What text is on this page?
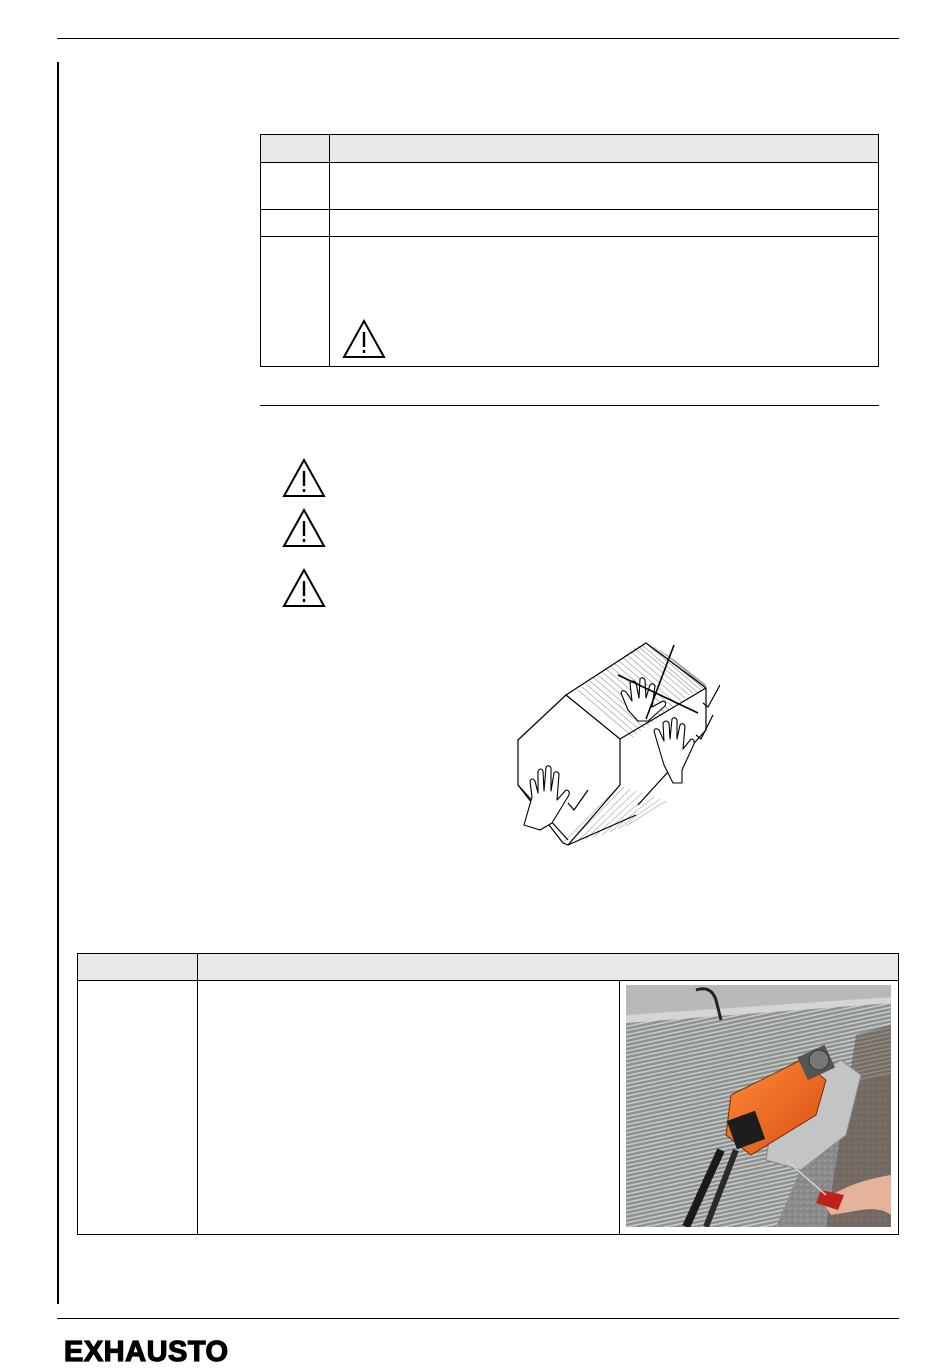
EXHAUSTO
